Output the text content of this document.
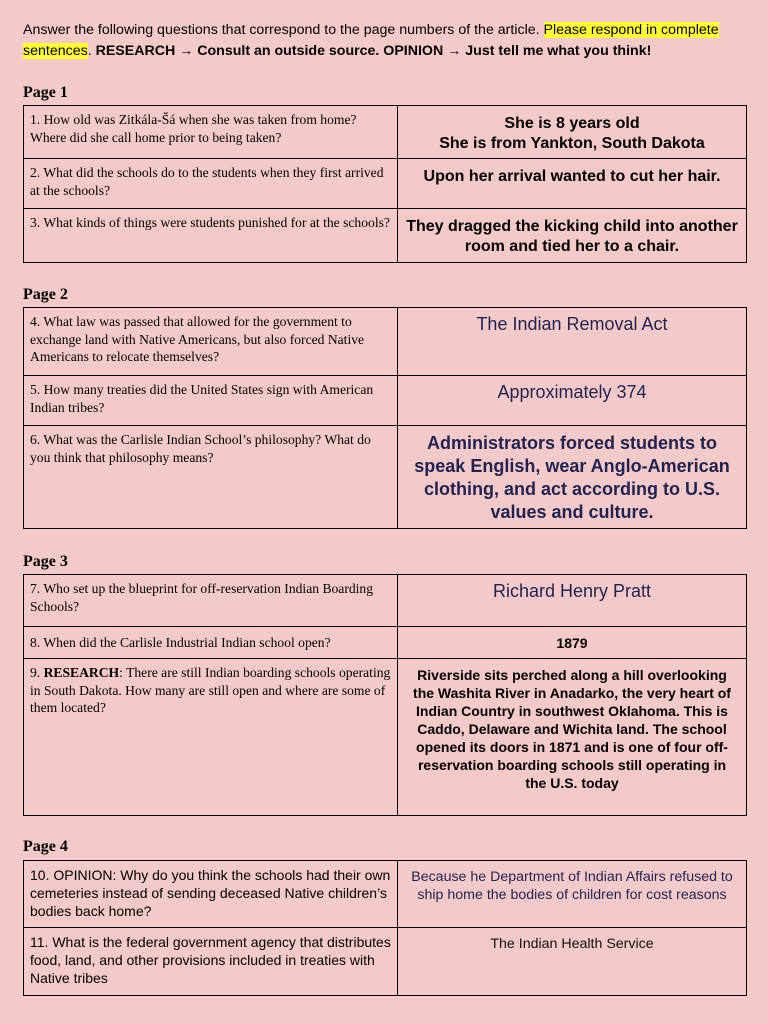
Answer the following questions that correspond to the page numbers of the article. Please respond in complete sentences. RESEARCH → Consult an outside source. OPINION → Just tell me what you think!
Page 1
1. How old was Zitkála-Šá when she was taken from home? Where did she call home prior to being taken?	She is 8 years old
She is from Yankton, South Dakota

2. What did the schools do to the students when they first arrived at the schools?	Upon her arrival wanted to cut her hair.
3. What kinds of things were students punished for at the schools?	They dragged the kicking child into another room and tied her to a chair.
Page 2
4. What law was passed that allowed for the government to exchange land with Native Americans, but also forced Native Americans to relocate themselves?	The Indian Removal Act
5. How many treaties did the United States sign with American Indian tribes?	Approximately 374
6. What was the Carlisle Indian School’s philosophy? What do you think that philosophy means?	Administrators forced students to speak English, wear Anglo-American clothing, and act according to U.S. values and culture.
Page 3
7. Who set up the blueprint for off-reservation Indian Boarding Schools?	Richard Henry Pratt
8. When did the Carlisle Industrial Indian school open?	1879
9. RESEARCH: There are still Indian boarding schools operating in South Dakota. How many are still open and where are some of them located?	Riverside sits perched along a hill overlooking the Washita River in Anadarko, the very heart of Indian Country in southwest Oklahoma. This is Caddo, Delaware and Wichita land. The school opened its doors in 1871 and is one of four off-reservation boarding schools still operating in the U.S. today
Page 4
10. OPINION: Why do you think the schools had their own cemeteries instead of sending deceased Native children’s bodies back home?	Because he Department of Indian Affairs refused to ship home the bodies of children for cost reasons
11. What is the federal government agency that distributes food, land, and other provisions included in treaties with Native tribes	The Indian Health Service
